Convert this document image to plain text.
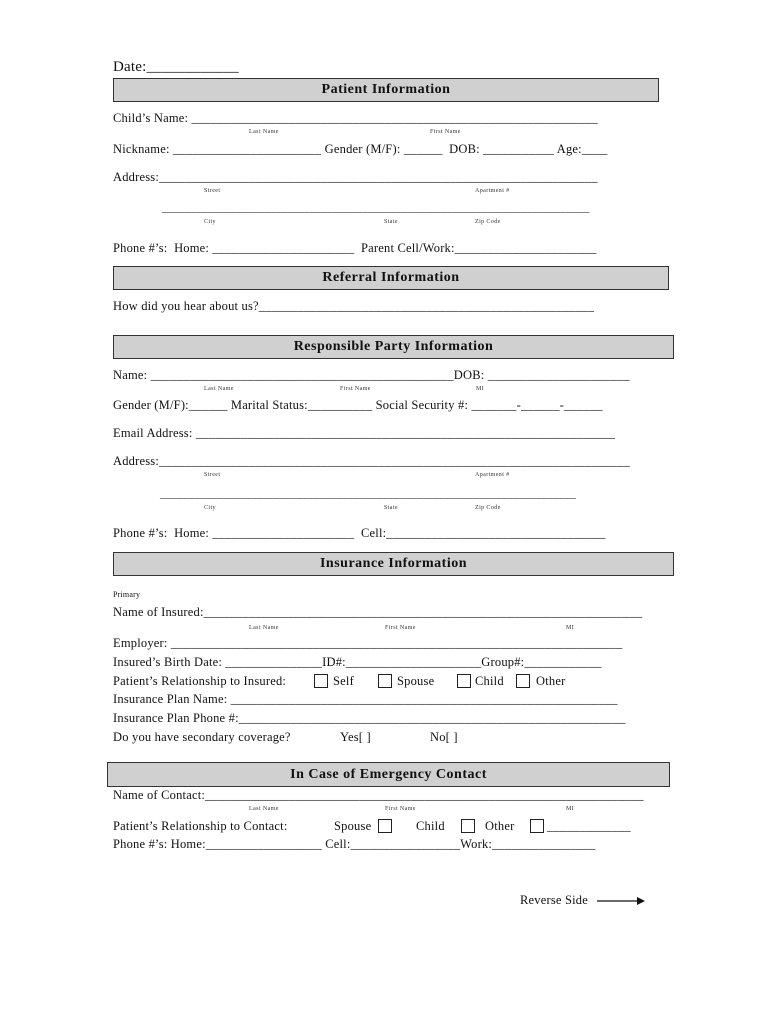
Date:____________
Patient Information
Child’s Name: _______________________________________________________________
Last Name	First Name
Nickname: _______________________ Gender (M/F): ______  DOB: ___________ Age:____
Address:____________________________________________________________________
Street	Apartment #
___________________________________________________________________________
City	State	Zip Code
Phone #’s:  Home: ______________________  Parent Cell/Work:______________________
Referral Information
How did you hear about us?____________________________________________________
Responsible Party Information
Name: _______________________________________________DOB: ______________________
Last Name	First Name	MI
Gender (M/F):______ Marital Status:__________ Social Security #: _______-______-______
Email Address: _________________________________________________________________
Address:_________________________________________________________________________
Street	Apartment #
_________________________________________________________________________
City	State	Zip Code
Phone #’s:  Home: ______________________  Cell:__________________________________
Insurance Information
Primary
Name of Insured:____________________________________________________________________
Last Name	First Name	MI
Employer: ______________________________________________________________________
Insured’s Birth Date: _______________ID#:_____________________Group#:____________
Patient’s Relationship to Insured:	Self	Spouse	Child	Other
Insurance Plan Name: ____________________________________________________________
Insurance Plan Phone #:____________________________________________________________
Do you have secondary coverage?	Yes[ ]	No[ ]
In Case of Emergency Contact
Name of Contact:____________________________________________________________________
Last Name	First Name	MI
Patient’s Relationship to Contact:	Spouse	Child	Other	_____________
Phone #’s: Home:__________________ Cell:_________________Work:________________
Reverse Side
